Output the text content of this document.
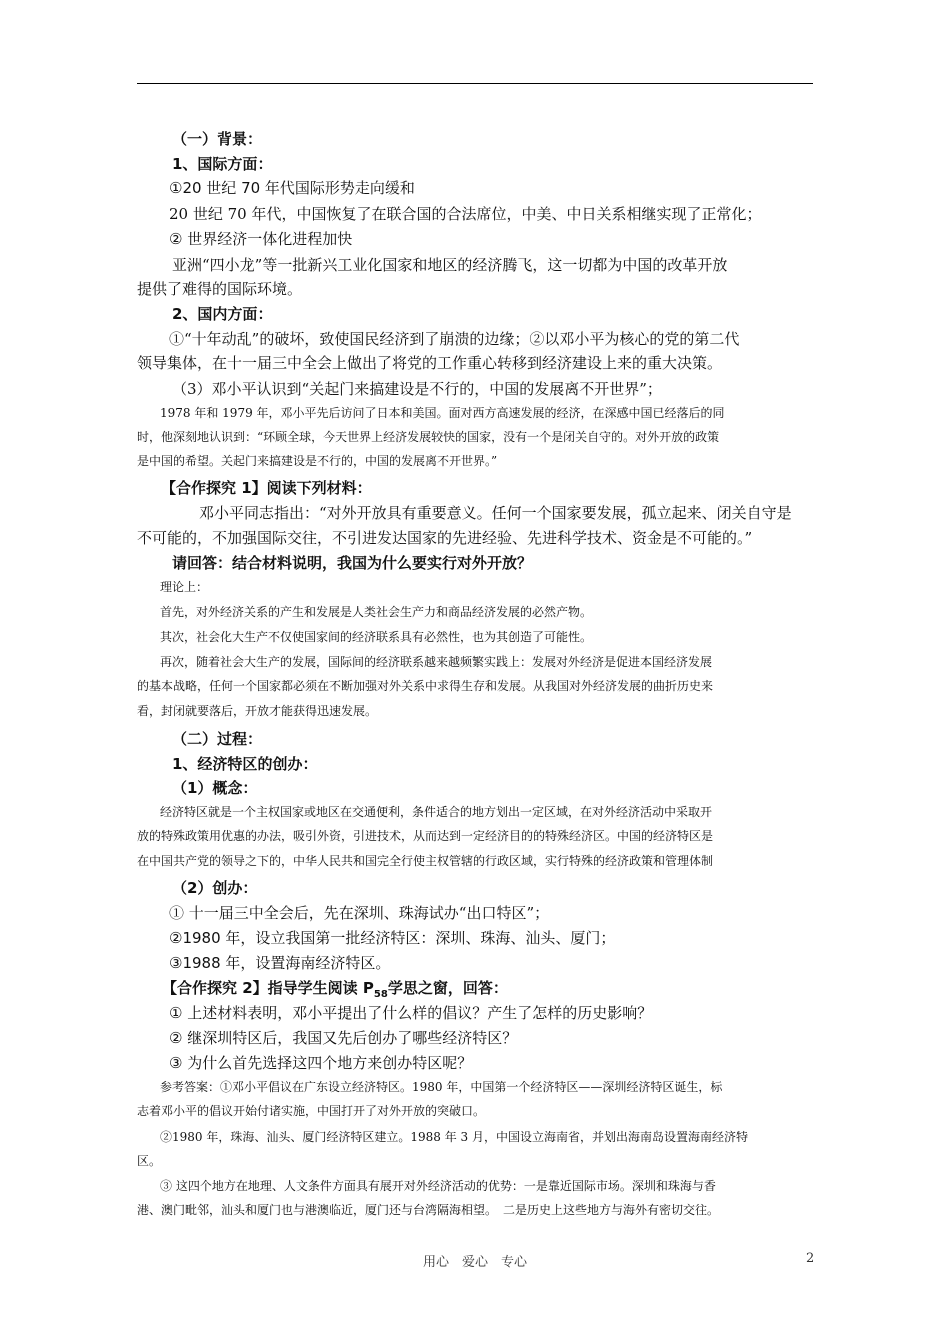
（一）背景：
1、国际方面：
①20 世纪 70 年代国际形势走向缓和
20 世纪 70 年代，中国恢复了在联合国的合法席位，中美、中日关系相继实现了正常化；
② 世界经济一体化进程加快
亚洲“四小龙”等一批新兴工业化国家和地区的经济腾飞，这一切都为中国的改革开放
提供了难得的国际环境。
2、国内方面：
①“十年动乱”的破坏，致使国民经济到了崩溃的边缘；②以邓小平为核心的党的第二代
领导集体，在十一届三中全会上做出了将党的工作重心转移到经济建设上来的重大决策。
（3）邓小平认识到“关起门来搞建设是不行的，中国的发展离不开世界”；
1978 年和 1979 年，邓小平先后访问了日本和美国。面对西方高速发展的经济，在深感中国已经落后的同
时，他深刻地认识到：“环顾全球，今天世界上经济发展较快的国家，没有一个是闭关自守的。对外开放的政策
是中国的希望。关起门来搞建设是不行的，中国的发展离不开世界。”
【合作探究 1】阅读下列材料：
邓小平同志指出：“对外开放具有重要意义。任何一个国家要发展，孤立起来、闭关自守是
不可能的，不加强国际交往，不引进发达国家的先进经验、先进科学技术、资金是不可能的。”
请回答：结合材料说明，我国为什么要实行对外开放？
理论上：
首先，对外经济关系的产生和发展是人类社会生产力和商品经济发展的必然产物。
其次，社会化大生产不仅使国家间的经济联系具有必然性，也为其创造了可能性。
再次，随着社会大生产的发展，国际间的经济联系越来越频繁实践上：发展对外经济是促进本国经济发展
的基本战略，任何一个国家都必须在不断加强对外关系中求得生存和发展。从我国对外经济发展的曲折历史来
看，封闭就要落后，开放才能获得迅速发展。
（二）过程：
1、经济特区的创办：
（1）概念：
经济特区就是一个主权国家或地区在交通便利，条件适合的地方划出一定区域，在对外经济活动中采取开
放的特殊政策用优惠的办法，吸引外资，引进技术，从而达到一定经济目的的特殊经济区。中国的经济特区是
在中国共产党的领导之下的，中华人民共和国完全行使主权管辖的行政区域，实行特殊的经济政策和管理体制
（2）创办：
① 十一届三中全会后，先在深圳、珠海试办“出口特区”；
②1980 年，设立我国第一批经济特区：深圳、珠海、汕头、厦门；
③1988 年，设置海南经济特区。
【合作探究 2】指导学生阅读 $P_{58}$学思之窗，回答：
① 上述材料表明，邓小平提出了什么样的倡议？产生了怎样的历史影响？
② 继深圳特区后，我国又先后创办了哪些经济特区？
③ 为什么首先选择这四个地方来创办特区呢？
参考答案：①邓小平倡议在广东设立经济特区。1980 年，中国第一个经济特区——深圳经济特区诞生，标
志着邓小平的倡议开始付诸实施，中国打开了对外开放的突破口。
②1980 年，珠海、汕头、厦门经济特区建立。1988 年 3 月，中国设立海南省，并划出海南岛设置海南经济特
区。
③ 这四个地方在地理、人文条件方面具有展开对外经济活动的优势：一是靠近国际市场。深圳和珠海与香
港、澳门毗邻，汕头和厦门也与港澳临近，厦门还与台湾隔海相望。　二是历史上这些地方与海外有密切交往。
用心　爱心　专心	2
